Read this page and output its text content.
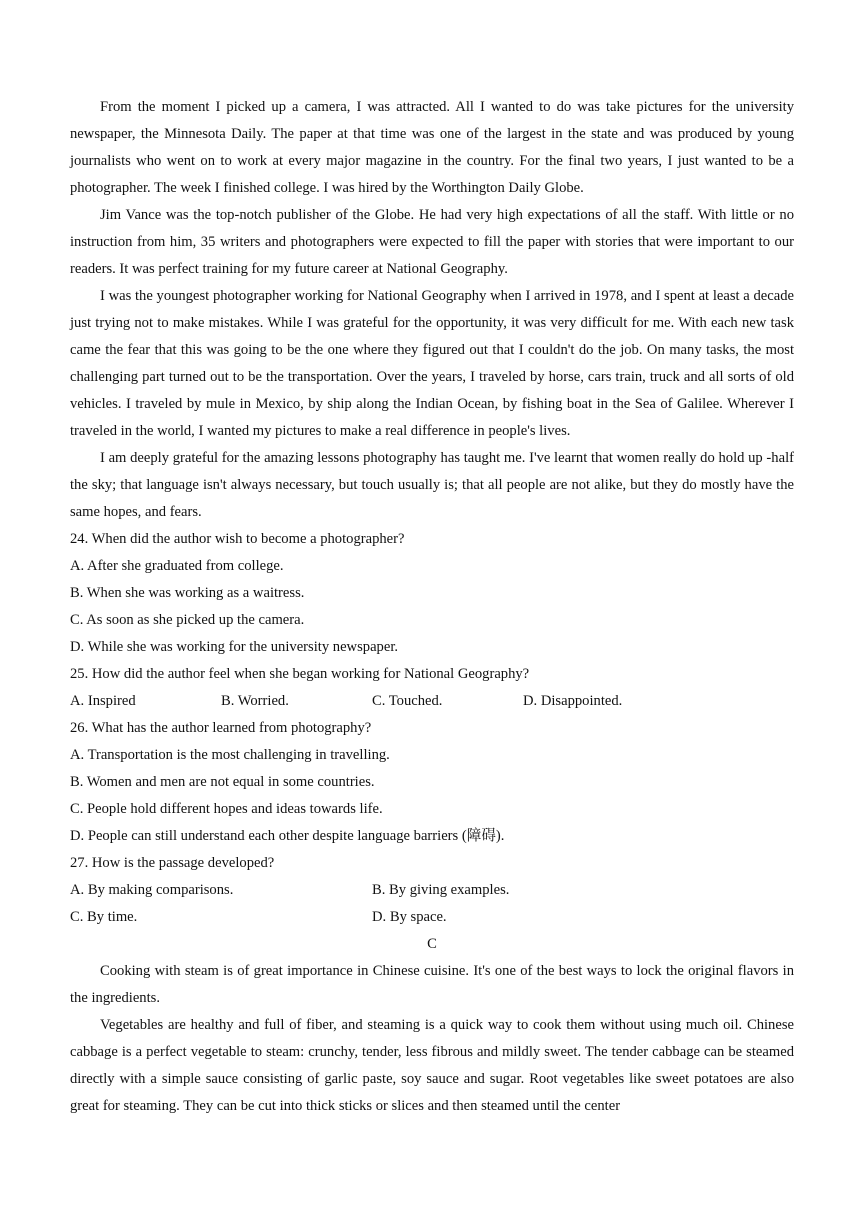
From the moment I picked up a camera, I was attracted. All I wanted to do was take pictures for the university newspaper, the Minnesota Daily. The paper at that time was one of the largest in the state and was produced by young journalists who went on to work at every major magazine in the country. For the final two years, I just wanted to be a photographer. The week I finished college. I was hired by the Worthington Daily Globe.

Jim Vance was the top-notch publisher of the Globe. He had very high expectations of all the staff. With little or no instruction from him, 35 writers and photographers were expected to fill the paper with stories that were important to our readers. It was perfect training for my future career at National Geography.

I was the youngest photographer working for National Geography when I arrived in 1978, and I spent at least a decade just trying not to make mistakes. While I was grateful for the opportunity, it was very difficult for me. With each new task came the fear that this was going to be the one where they figured out that I couldn't do the job. On many tasks, the most challenging part turned out to be the transportation. Over the years, I traveled by horse, cars train, truck and all sorts of old vehicles. I traveled by mule in Mexico, by ship along the Indian Ocean, by fishing boat in the Sea of Galilee. Wherever I traveled in the world, I wanted my pictures to make a real difference in people's lives.

I am deeply grateful for the amazing lessons photography has taught me. I've learnt that women really do hold up -half the sky; that language isn't always necessary, but touch usually is; that all people are not alike, but they do mostly have the same hopes, and fears.

24. When did the author wish to become a photographer?

A. After she graduated from college.

B. When she was working as a waitress.

C. As soon as she picked up the camera.

D. While she was working for the university newspaper.

25. How did the author feel when she began working for National Geography?

A. Inspired	B. Worried.	C. Touched.	D. Disappointed.

26. What has the author learned from photography?

A. Transportation is the most challenging in travelling.

B. Women and men are not equal in some countries.

C. People hold different hopes and ideas towards life.

D. People can still understand each other despite language barriers (障碍).

27. How is the passage developed?

A. By making comparisons.	B. By giving examples.
C. By time.	D. By space.

C

Cooking with steam is of great importance in Chinese cuisine. It's one of the best ways to lock the original flavors in the ingredients.

Vegetables are healthy and full of fiber, and steaming is a quick way to cook them without using much oil. Chinese cabbage is a perfect vegetable to steam: crunchy, tender, less fibrous and mildly sweet. The tender cabbage can be steamed directly with a simple sauce consisting of garlic paste, soy sauce and sugar. Root vegetables like sweet potatoes are also great for steaming. They can be cut into thick sticks or slices and then steamed until the center
